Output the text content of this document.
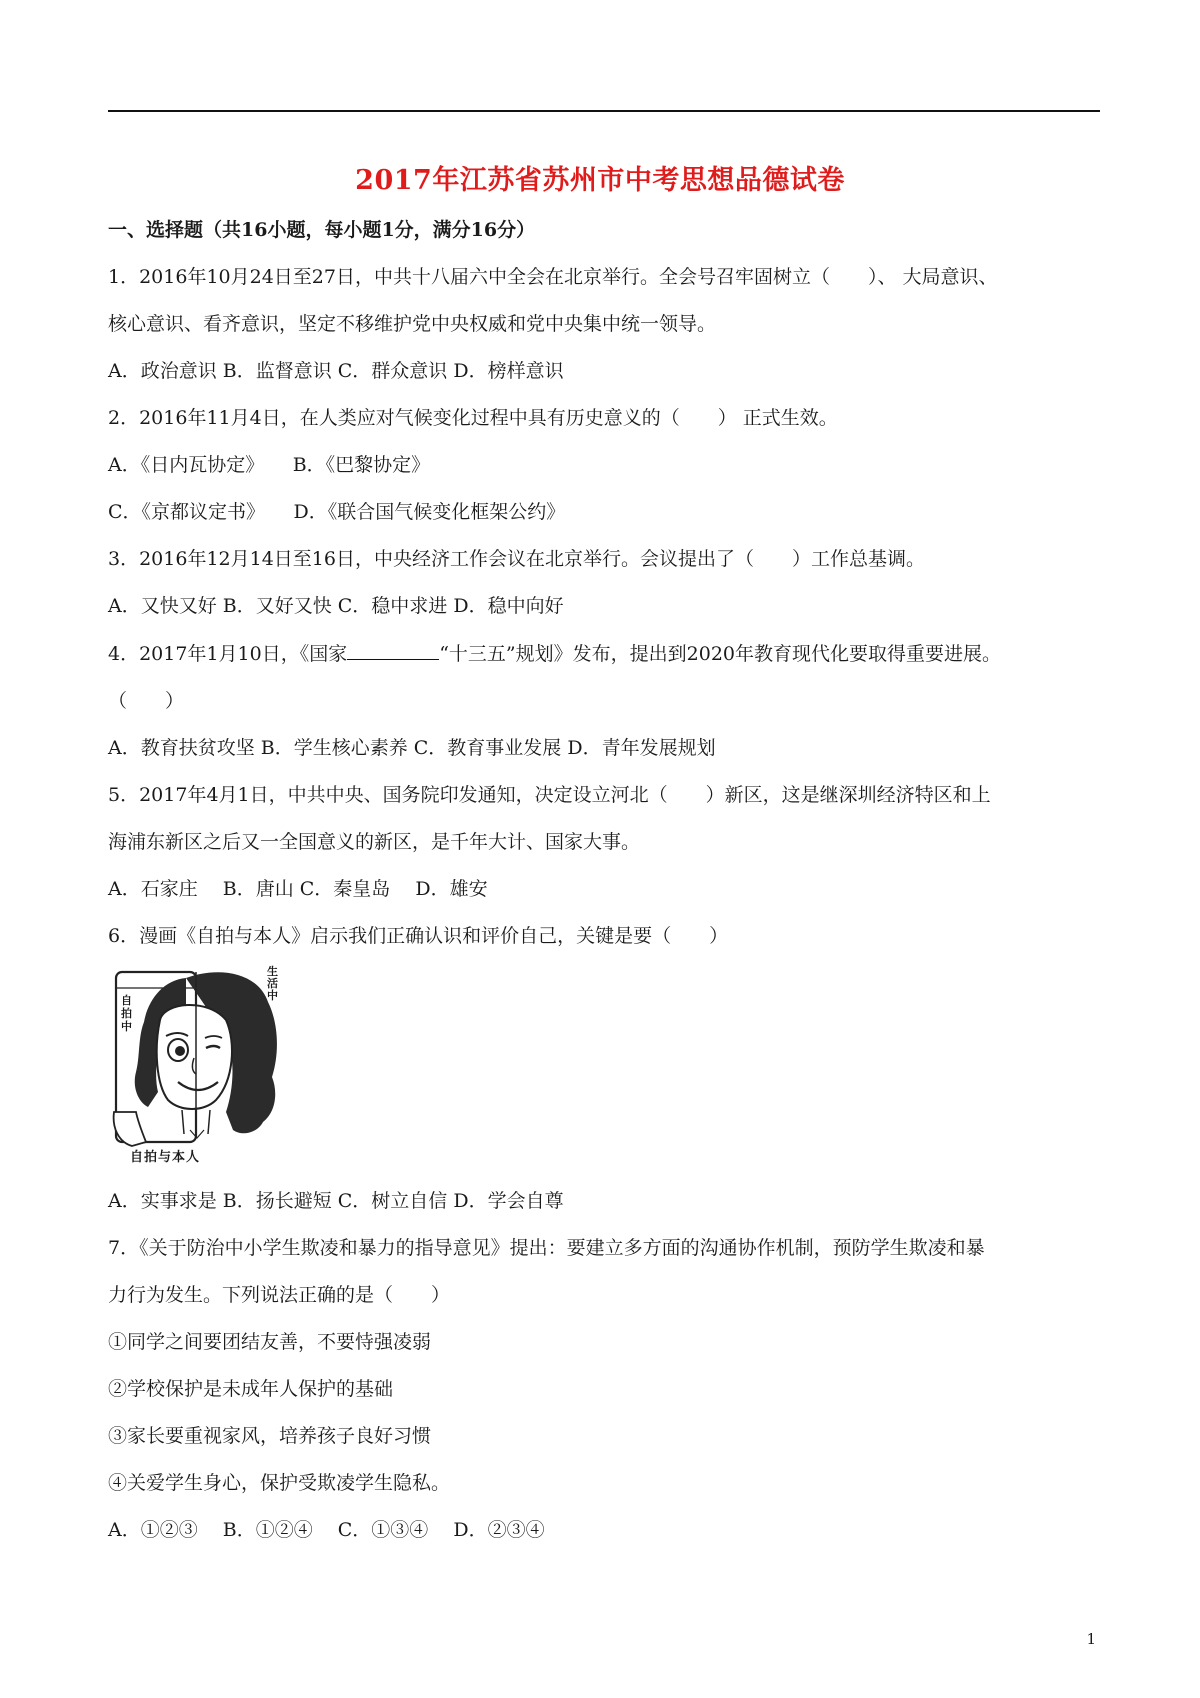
2017年江苏省苏州市中考思想品德试卷
一、选择题（共16小题，每小题1分，满分16分）
1．2016年10月24日至27日，中共十八届六中全会在北京举行。全会号召牢固树立（　　）、 大局意识、
核心意识、看齐意识，坚定不移维护党中央权威和党中央集中统一领导。
A．政治意识 B．监督意识 C．群众意识 D．榜样意识
2．2016年11月4日，在人类应对气候变化过程中具有历史意义的（　　） 正式生效。
A．《日内瓦协定》　　B．《巴黎协定》
C．《京都议定书》　　D．《联合国气候变化框架公约》
3．2016年12月14日至16日，中央经济工作会议在北京举行。会议提出了（　　）工作总基调。
A．又快又好 B．又好又快 C．稳中求进 D．稳中向好
4．2017年1月10日，《国家	“十三五”规划》发布，提出到2020年教育现代化要取得重要进展。
（　　）
A．教育扶贫攻坚 B．学生核心素养 C．教育事业发展 D．青年发展规划
5．2017年4月1日，中共中央、国务院印发通知，决定设立河北（　　）新区，这是继深圳经济特区和上
海浦东新区之后又一全国意义的新区，是千年大计、国家大事。
A．石家庄　 B．唐山 C．秦皇岛　 D．雄安
6．漫画《自拍与本人》启示我们正确认识和评价自己，关键是要（　　）
A．实事求是 B．扬长避短 C．树立自信 D．学会自尊
7．《关于防治中小学生欺凌和暴力的指导意见》提出：要建立多方面的沟通协作机制，预防学生欺凌和暴
力行为发生。下列说法正确的是（　　）
①同学之间要团结友善，不要恃强凌弱
②学校保护是未成年人保护的基础
③家长要重视家风，培养孩子良好习惯
④关爱学生身心，保护受欺凌学生隐私。
A．①②③　 B．①②④　 C．①③④　 D．②③④
自拍中
生活中
自拍与本人
1
